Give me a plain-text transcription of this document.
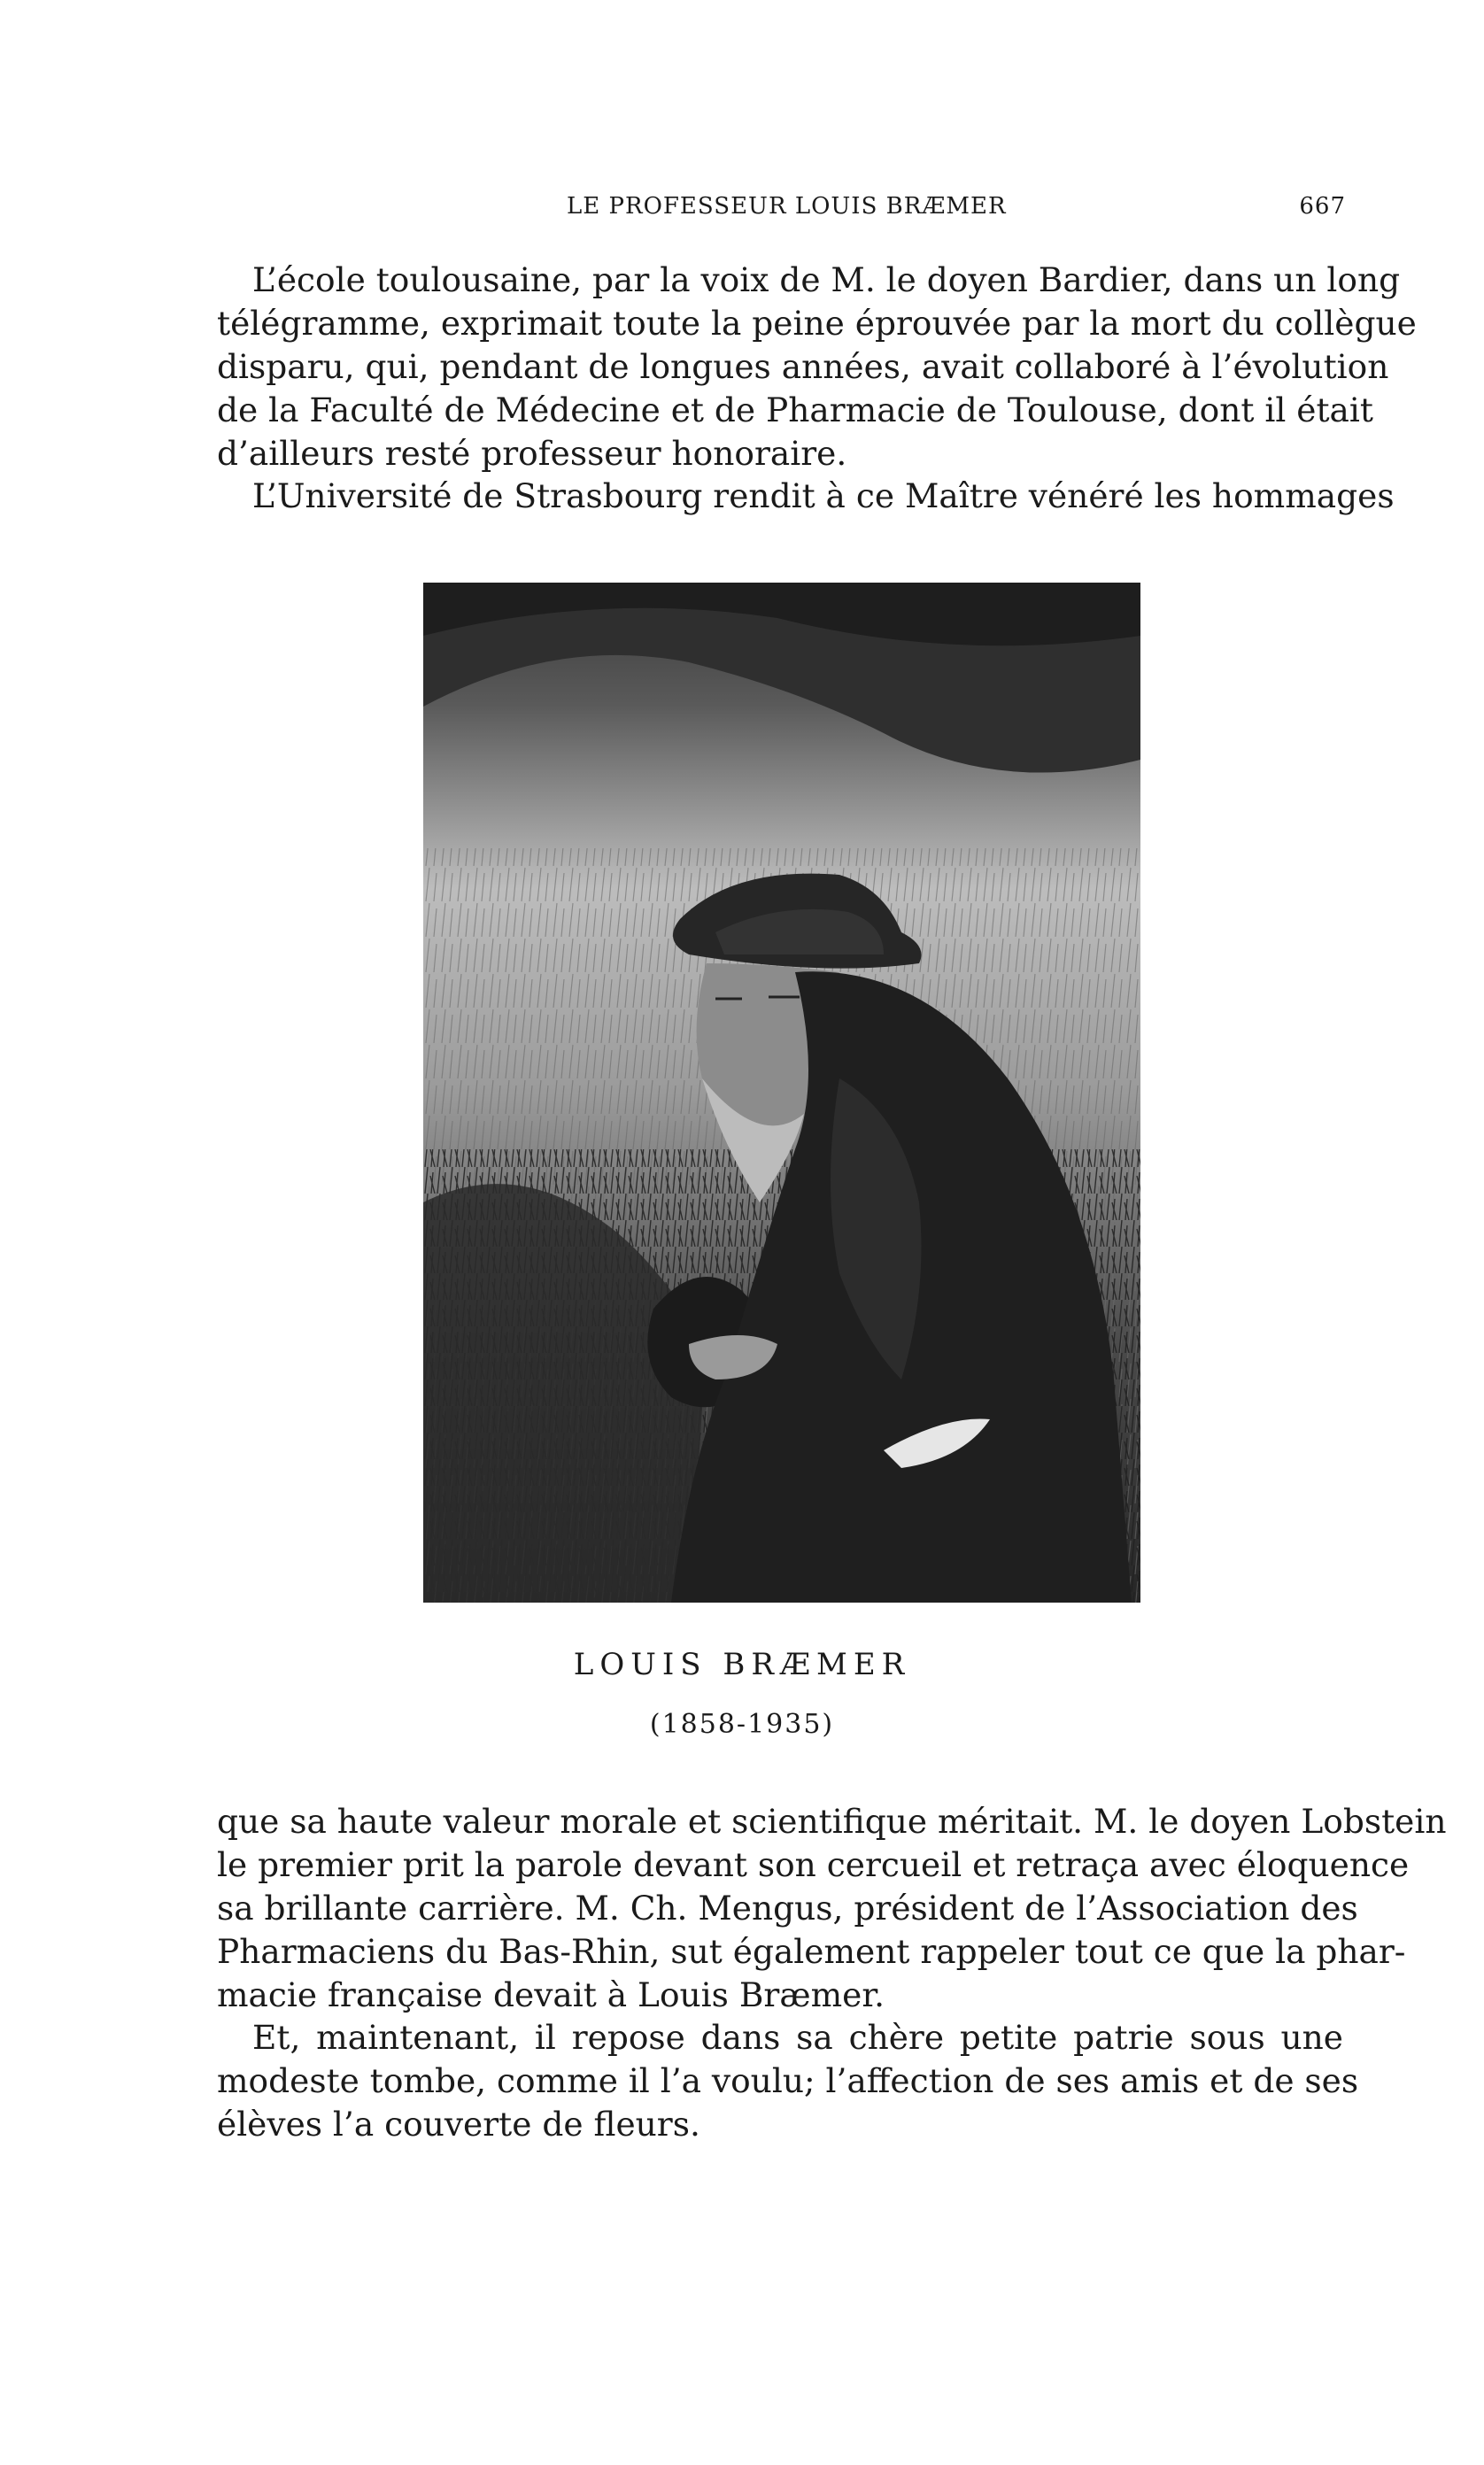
LE PROFESSEUR LOUIS BRÆMER	667
L’école toulousaine, par la voix de M. le doyen Bardier, dans un long
télégramme, exprimait toute la peine éprouvée par la mort du collègue
disparu, qui, pendant de longues années, avait collaboré à l’évolution
de la Faculté de Médecine et de Pharmacie de Toulouse, dont il était
d’ailleurs resté professeur honoraire.
L’Université de Strasbourg rendit à ce Maître vénéré les hommages
LOUIS BRÆMER
(1858-1935)
que sa haute valeur morale et scientifique méritait. M. le doyen Lobstein
le premier prit la parole devant son cercueil et retraça avec éloquence
sa brillante carrière. M. Ch. Mengus, président de l’Association des
Pharmaciens du Bas-Rhin, sut également rappeler tout ce que la phar-
macie française devait à Louis Bræmer.
Et, maintenant, il repose dans sa chère petite patrie sous une
modeste tombe, comme il l’a voulu; l’affection de ses amis et de ses
élèves l’a couverte de fleurs.
